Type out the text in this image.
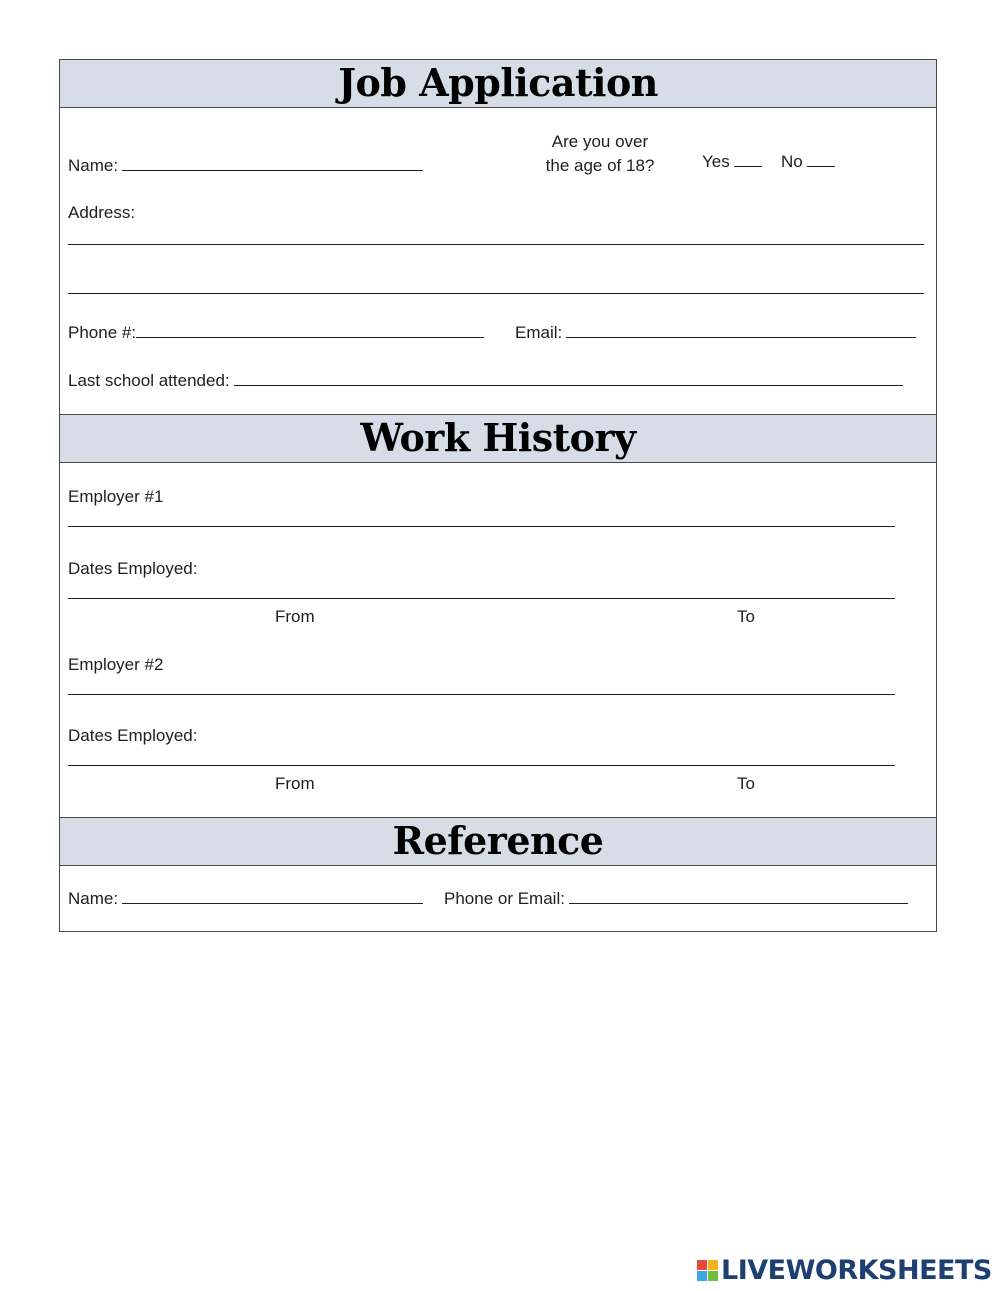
Job Application
Name:
Are you over
the age of 18?	Yes	No
Address:
Phone #:	Email:
Last school attended:
Work History
Employer #1
Dates Employed:
From	To
Employer #2
Dates Employed:
From	To
Reference
Name:	Phone or Email:
LIVEWORKSHEETS
